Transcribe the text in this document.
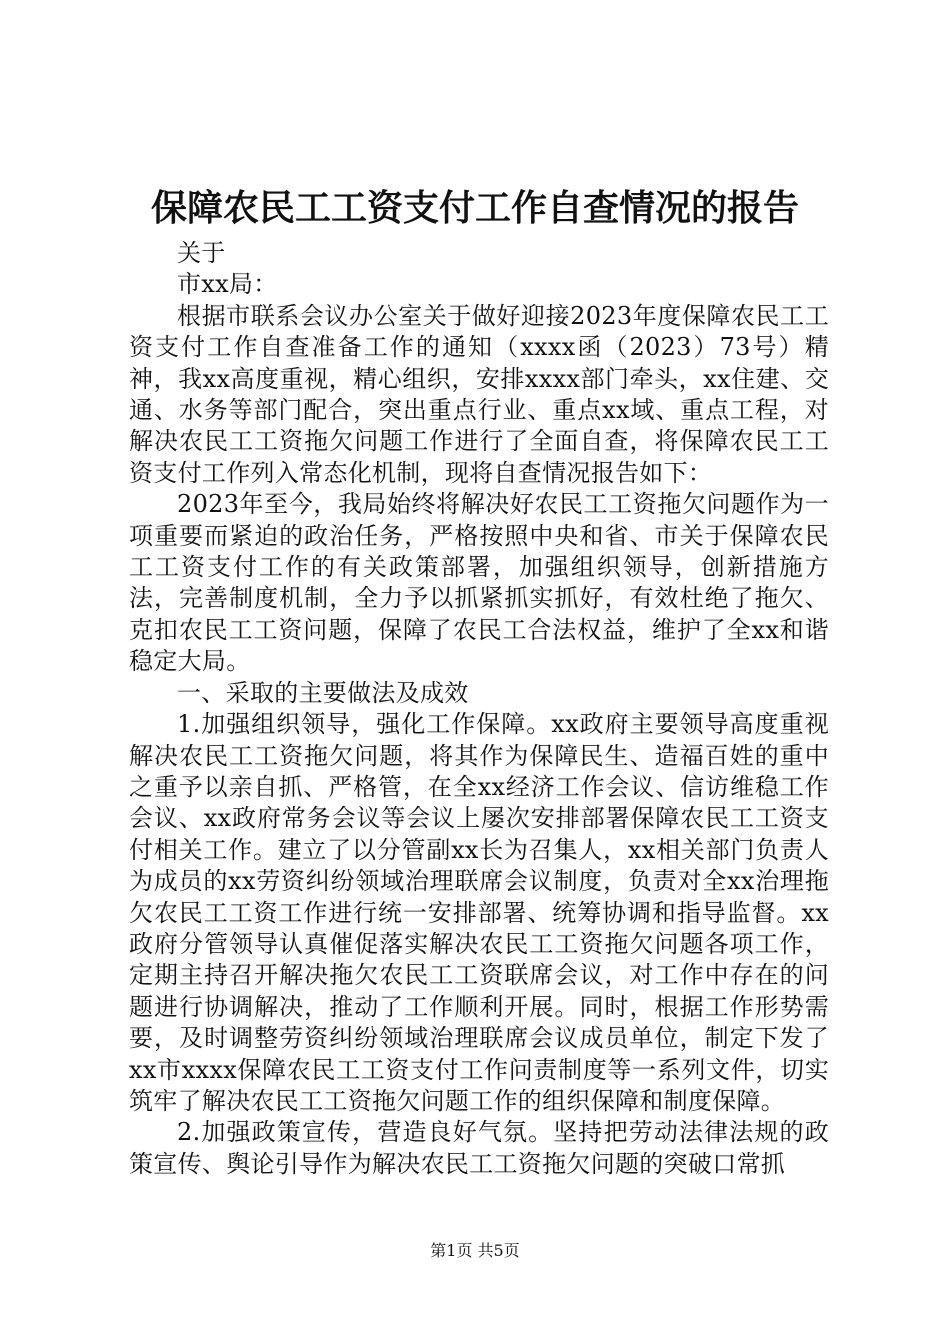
保障农民工工资支付工作自查情况的报告

关于

市xx局：

根据市联系会议办公室关于做好迎接2023年度保障农民工工资支付工作自查准备工作的通知（xxxx函（2023）73号）精神，我xx高度重视，精心组织，安排xxxx部门牵头，xx住建、交通、水务等部门配合，突出重点行业、重点xx域、重点工程，对解决农民工工资拖欠问题工作进行了全面自查，将保障农民工工资支付工作列入常态化机制，现将自查情况报告如下：

2023年至今，我局始终将解决好农民工工资拖欠问题作为一项重要而紧迫的政治任务，严格按照中央和省、市关于保障农民工工资支付工作的有关政策部署，加强组织领导，创新措施方法，完善制度机制，全力予以抓紧抓实抓好，有效杜绝了拖欠、克扣农民工工资问题，保障了农民工合法权益，维护了全xx和谐稳定大局。

一、采取的主要做法及成效

1.加强组织领导，强化工作保障。xx政府主要领导高度重视解决农民工工资拖欠问题，将其作为保障民生、造福百姓的重中之重予以亲自抓、严格管，在全xx经济工作会议、信访维稳工作会议、xx政府常务会议等会议上屡次安排部署保障农民工工资支付相关工作。建立了以分管副xx长为召集人，xx相关部门负责人为成员的xx劳资纠纷领域治理联席会议制度，负责对全xx治理拖欠农民工工资工作进行统一安排部署、统筹协调和指导监督。xx政府分管领导认真催促落实解决农民工工资拖欠问题各项工作，定期主持召开解决拖欠农民工工资联席会议，对工作中存在的问题进行协调解决，推动了工作顺利开展。同时，根据工作形势需要，及时调整劳资纠纷领域治理联席会议成员单位，制定下发了xx市xxxx保障农民工工资支付工作问责制度等一系列文件，切实筑牢了解决农民工工资拖欠问题工作的组织保障和制度保障。

2.加强政策宣传，营造良好气氛。坚持把劳动法律法规的政策宣传、舆论引导作为解决农民工工资拖欠问题的突破口常抓

第1页 共5页
